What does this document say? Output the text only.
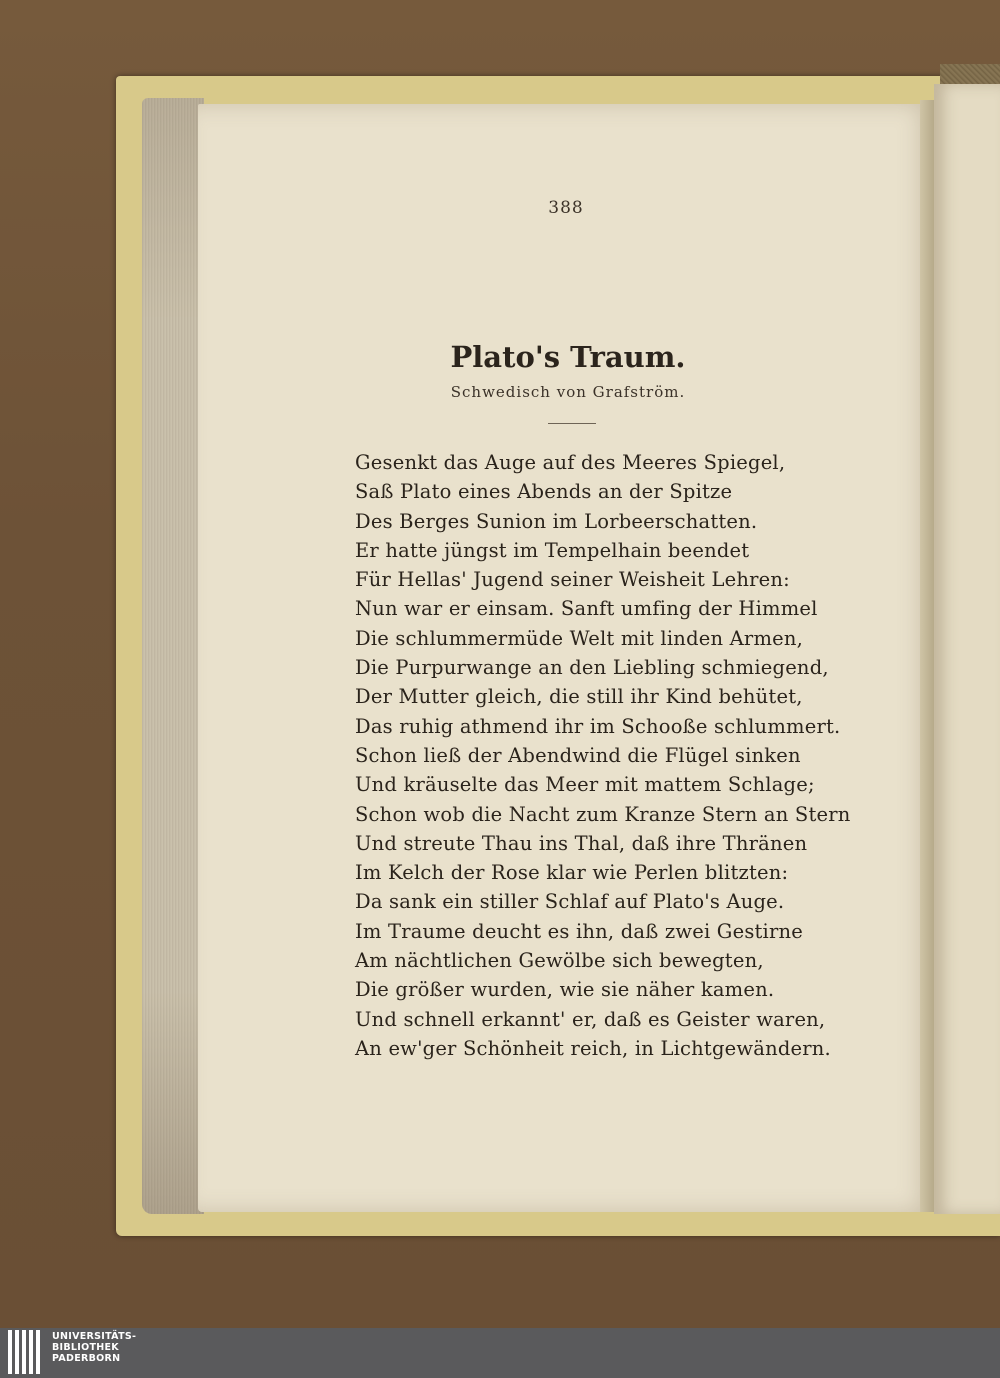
388
Plato's Traum.
Schwedisch von Grafström.
Gesenkt das Auge auf des Meeres Spiegel,
Saß Plato eines Abends an der Spitze
Des Berges Sunion im Lorbeerschatten.
Er hatte jüngst im Tempelhain beendet
Für Hellas' Jugend seiner Weisheit Lehren:
Nun war er einsam. Sanft umfing der Himmel
Die schlummermüde Welt mit linden Armen,
Die Purpurwange an den Liebling schmiegend,
Der Mutter gleich, die still ihr Kind behütet,
Das ruhig athmend ihr im Schooße schlummert.
Schon ließ der Abendwind die Flügel sinken
Und kräuselte das Meer mit mattem Schlage;
Schon wob die Nacht zum Kranze Stern an Stern
Und streute Thau ins Thal, daß ihre Thränen
Im Kelch der Rose klar wie Perlen blitzten:
Da sank ein stiller Schlaf auf Plato's Auge.
Im Traume deucht es ihn, daß zwei Gestirne
Am nächtlichen Gewölbe sich bewegten,
Die größer wurden, wie sie näher kamen.
Und schnell erkannt' er, daß es Geister waren,
An ew'ger Schönheit reich, in Lichtgewändern.
UNIVERSITÄTS-
BIBLIOTHEK
PADERBORN
